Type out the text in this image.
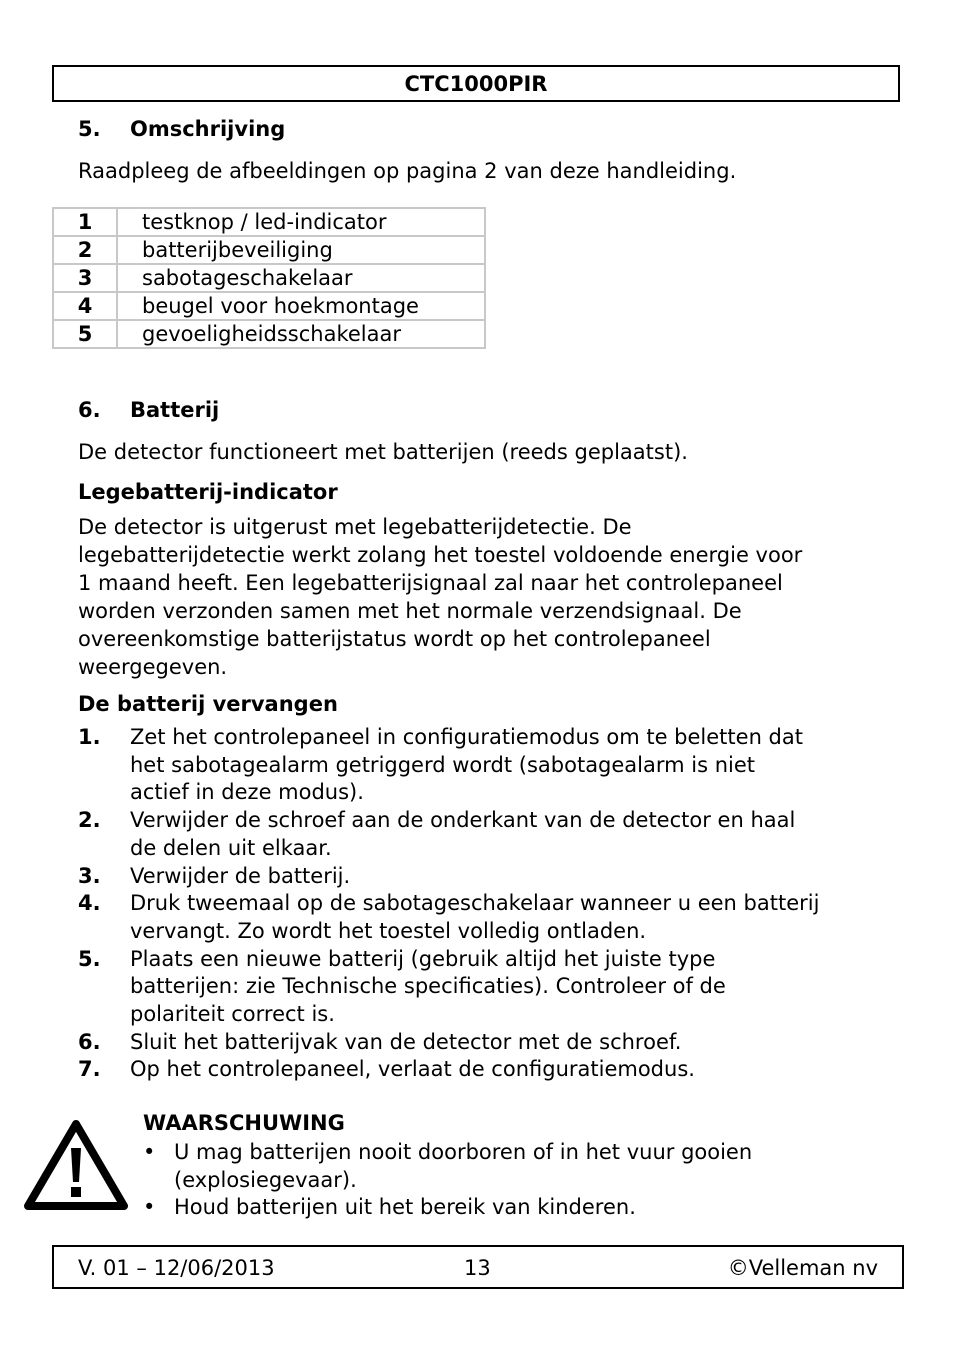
CTC1000PIR
5. Omschrijving
Raadpleeg de afbeeldingen op pagina 2 van deze handleiding.
1	testknop / led-indicator
2	batterijbeveiliging
3	sabotageschakelaar
4	beugel voor hoekmontage
5	gevoeligheidsschakelaar
6. Batterij
De detector functioneert met batterijen (reeds geplaatst).
Legebatterij-indicator
De detector is uitgerust met legebatterijdetectie. De
legebatterijdetectie werkt zolang het toestel voldoende energie voor
1 maand heeft. Een legebatterijsignaal zal naar het controlepaneel
worden verzonden samen met het normale verzendsignaal. De
overeenkomstige batterijstatus wordt op het controlepaneel
weergegeven.
De batterij vervangen
1.	Zet het controlepaneel in configuratiemodus om te beletten dat
het sabotagealarm getriggerd wordt (sabotagealarm is niet
actief in deze modus).
2.	Verwijder de schroef aan de onderkant van de detector en haal
de delen uit elkaar.
3.	Verwijder de batterij.
4.	Druk tweemaal op de sabotageschakelaar wanneer u een batterij
vervangt. Zo wordt het toestel volledig ontladen.
5.	Plaats een nieuwe batterij (gebruik altijd het juiste type
batterijen: zie Technische specificaties). Controleer of de
polariteit correct is.
6.	Sluit het batterijvak van de detector met de schroef.
7.	Op het controlepaneel, verlaat de configuratiemodus.
WAARSCHUWING
• U mag batterijen nooit doorboren of in het vuur gooien
(explosiegevaar).
• Houd batterijen uit het bereik van kinderen.
V. 01 – 12/06/2013	13	©Velleman nv
